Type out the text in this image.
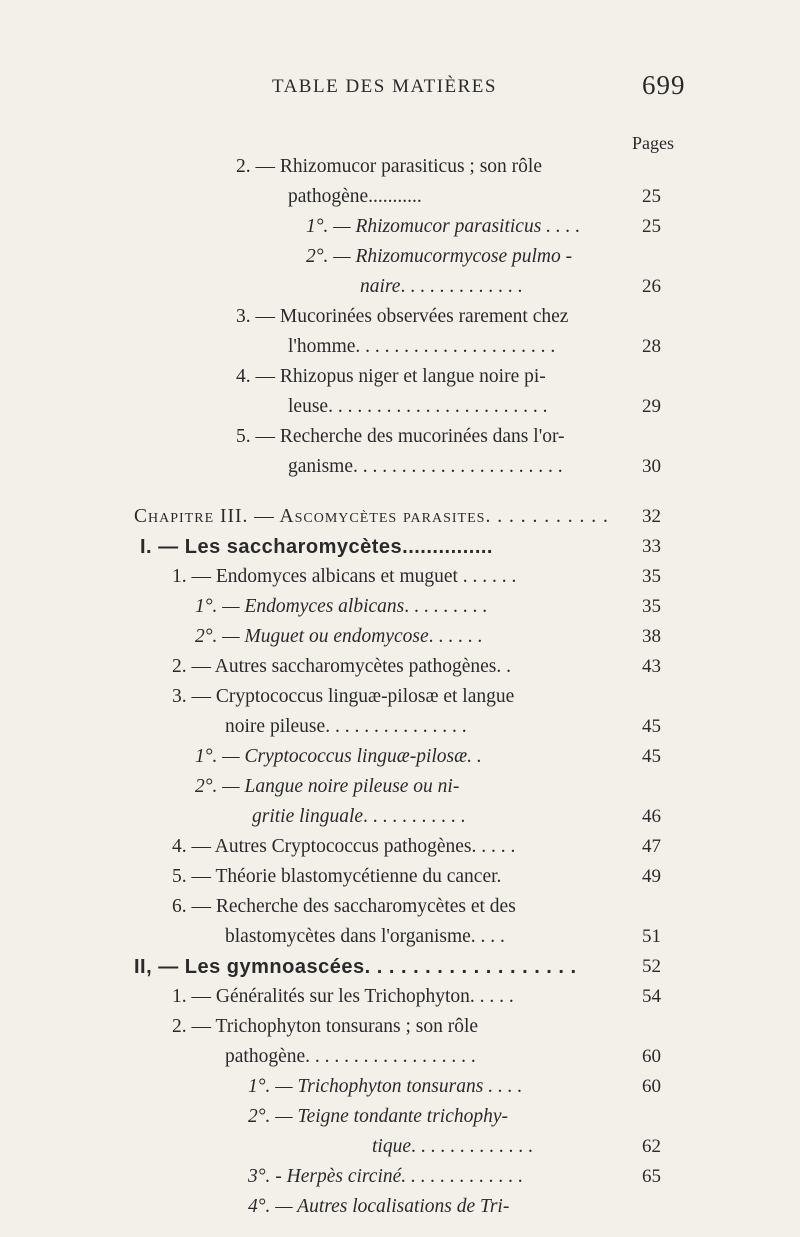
TABLE DES MATIÈRES	699
Pages
2. — Rhizomucor parasiticus ; son rôle
pathogène...........	25
1°. — Rhizomucor parasiticus . . . .	25
2°. — Rhizomucormycose pulmo -
naire. . . . . . . . . . . . .	26
3. — Mucorinées observées rarement chez
l'homme. . . . . . . . . . . . . . . . . . . . .	28
4. — Rhizopus niger et langue noire pi-
leuse. . . . . . . . . . . . . . . . . . . . . . .	29
5. — Recherche des mucorinées dans l'or-
ganisme. . . . . . . . . . . . . . . . . . . . . .	30
Chapitre III. — Ascomycètes parasites. . . . . . . . . . . 32
I. — Les saccharomycètes...............	33
1. — Endomyces albicans et muguet . . . . . .	35
1°. — Endomyces albicans. . . . . . . . .	35
2°. — Muguet ou endomycose. . . . . .	38
2. — Autres saccharomycètes pathogènes. .	43
3. — Cryptococcus linguæ-pilosæ et langue
noire pileuse. . . . . . . . . . . . . . .	45
1°. — Cryptococcus linguæ-pilosæ. .	45
2°. — Langue noire pileuse ou ni-
gritie linguale. . . . . . . . . . .	46
4. — Autres Cryptococcus pathogènes. . . . .	47
5. — Théorie blastomycétienne du cancer.	49
6. — Recherche des saccharomycètes et des
blastomycètes dans l'organisme. . . .	51
II, — Les gymnoascées. . . . . . . . . . . . . . . . . .	52
1. — Généralités sur les Trichophyton. . . . .	54
2. — Trichophyton tonsurans ; son rôle
pathogène. . . . . . . . . . . . . . . . . .	60
1°. — Trichophyton tonsurans . . . .	60
2°. — Teigne tondante trichophy-
tique. . . . . . . . . . . . .	62
3°. - Herpès circiné. . . . . . . . . . . . .	65
4°. — Autres localisations de Tri-
